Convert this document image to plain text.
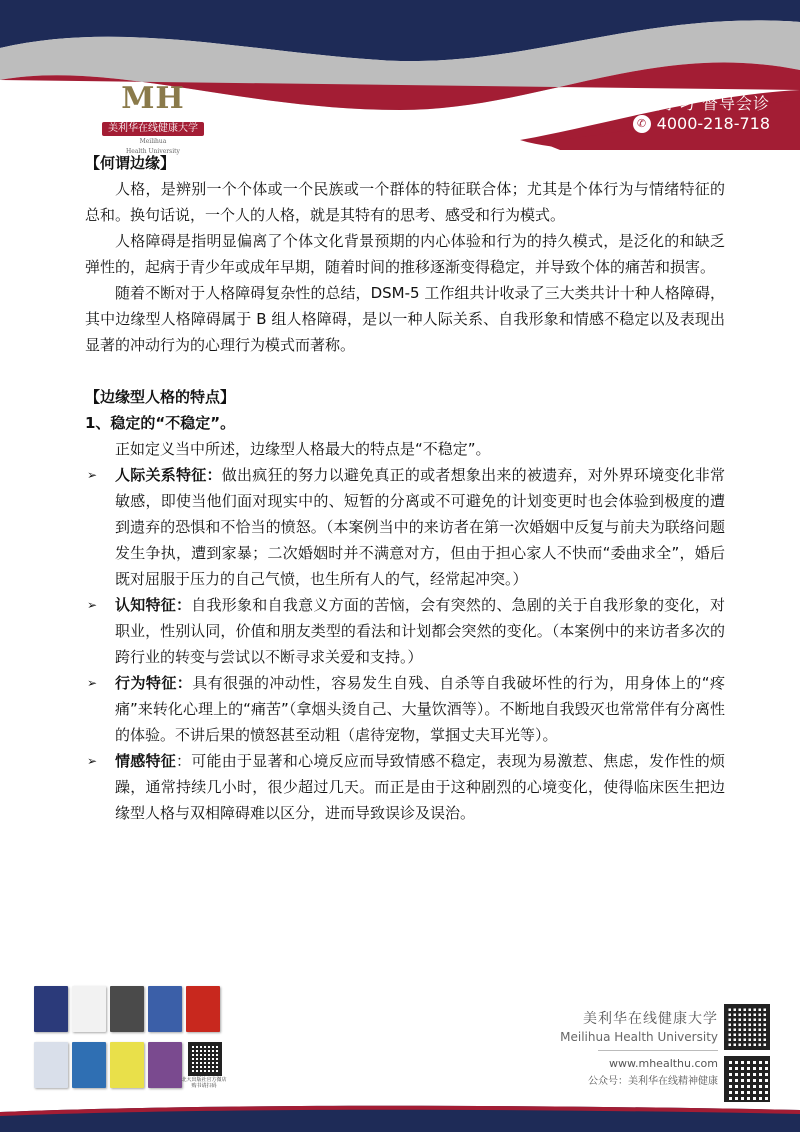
MH
美利华在线健康大学
Meilihua
Health University
报名学习 督导会诊
✆ 4000-218-718
【何谓边缘】

人格，是辨别一个个体或一个民族或一个群体的特征联合体；尤其是个体行为与情绪特征的总和。换句话说，一个人的人格，就是其特有的思考、感受和行为模式。

人格障碍是指明显偏离了个体文化背景预期的内心体验和行为的持久模式，是泛化的和缺乏弹性的，起病于青少年或成年早期，随着时间的推移逐渐变得稳定，并导致个体的痛苦和损害。

随着不断对于人格障碍复杂性的总结，DSM-5 工作组共计收录了三大类共计十种人格障碍，其中边缘型人格障碍属于 B 组人格障碍，是以一种人际关系、自我形象和情感不稳定以及表现出显著的冲动行为的心理行为模式而著称。

【边缘型人格的特点】
1、稳定的“不稳定”。

正如定义当中所述，边缘型人格最大的特点是“不稳定”。

➢ 人际关系特征：做出疯狂的努力以避免真正的或者想象出来的被遗弃，对外界环境变化非常敏感，即使当他们面对现实中的、短暂的分离或不可避免的计划变更时也会体验到极度的遭到遗弃的恐惧和不恰当的愤怒。（本案例当中的来访者在第一次婚姻中反复与前夫为联络问题发生争执，遭到家暴；二次婚姻时并不满意对方，但由于担心家人不快而“委曲求全”，婚后既对屈服于压力的自己气愤，也生所有人的气，经常起冲突。）
➢ 认知特征：自我形象和自我意义方面的苦恼，会有突然的、急剧的关于自我形象的变化，对职业，性别认同，价值和朋友类型的看法和计划都会突然的变化。（本案例中的来访者多次的跨行业的转变与尝试以不断寻求关爱和支持。）
➢ 行为特征：具有很强的冲动性，容易发生自残、自杀等自我破坏性的行为，用身体上的“疼痛”来转化心理上的“痛苦”（拿烟头烫自己、大量饮酒等）。不断地自我毁灭也常常伴有分离性的体验。不讲后果的愤怒甚至动粗（虐待宠物，掌掴丈夫耳光等）。
➢ 情感特征：可能由于显著和心境反应而导致情感不稳定，表现为易激惹、焦虑，发作性的烦躁，通常持续几小时，很少超过几天。而正是由于这种剧烈的心境变化，使得临床医生把边缘型人格与双相障碍难以区分，进而导致误诊及误治。
北大出版社官方微店
购书请扫码
美利华在线健康大学
Meilihua Health University
www.mhealthu.com
公众号：美利华在线精神健康
